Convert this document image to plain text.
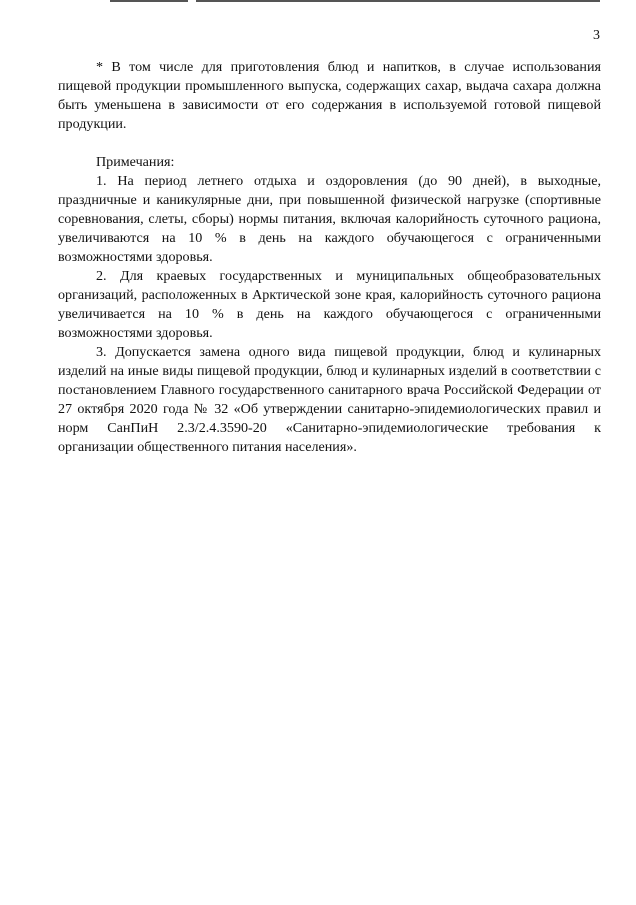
3

* В том числе для приготовления блюд и напитков, в случае использования пищевой продукции промышленного выпуска, содержащих сахар, выдача сахара должна быть уменьшена в зависимости от его содержания в используемой готовой пищевой продукции.

Примечания:

1. На период летнего отдыха и оздоровления (до 90 дней), в выходные, праздничные и каникулярные дни, при повышенной физической нагрузке (спортивные соревнования, слеты, сборы) нормы питания, включая калорийность суточного рациона, увеличиваются на 10 % в день на каждого обучающегося с ограниченными возможностями здоровья.

2. Для краевых государственных и муниципальных общеобразовательных организаций, расположенных в Арктической зоне края, калорийность суточного рациона увеличивается на 10 % в день на каждого обучающегося с ограниченными возможностями здоровья.

3. Допускается замена одного вида пищевой продукции, блюд и кулинарных изделий на иные виды пищевой продукции, блюд и кулинарных изделий в соответствии с постановлением Главного государственного санитарного врача Российской Федерации от 27 октября 2020 года № 32 «Об утверждении санитарно-эпидемиологических правил и норм СанПиН 2.3/2.4.3590-20 «Санитарно-эпидемиологические требования к организации общественного питания населения».
